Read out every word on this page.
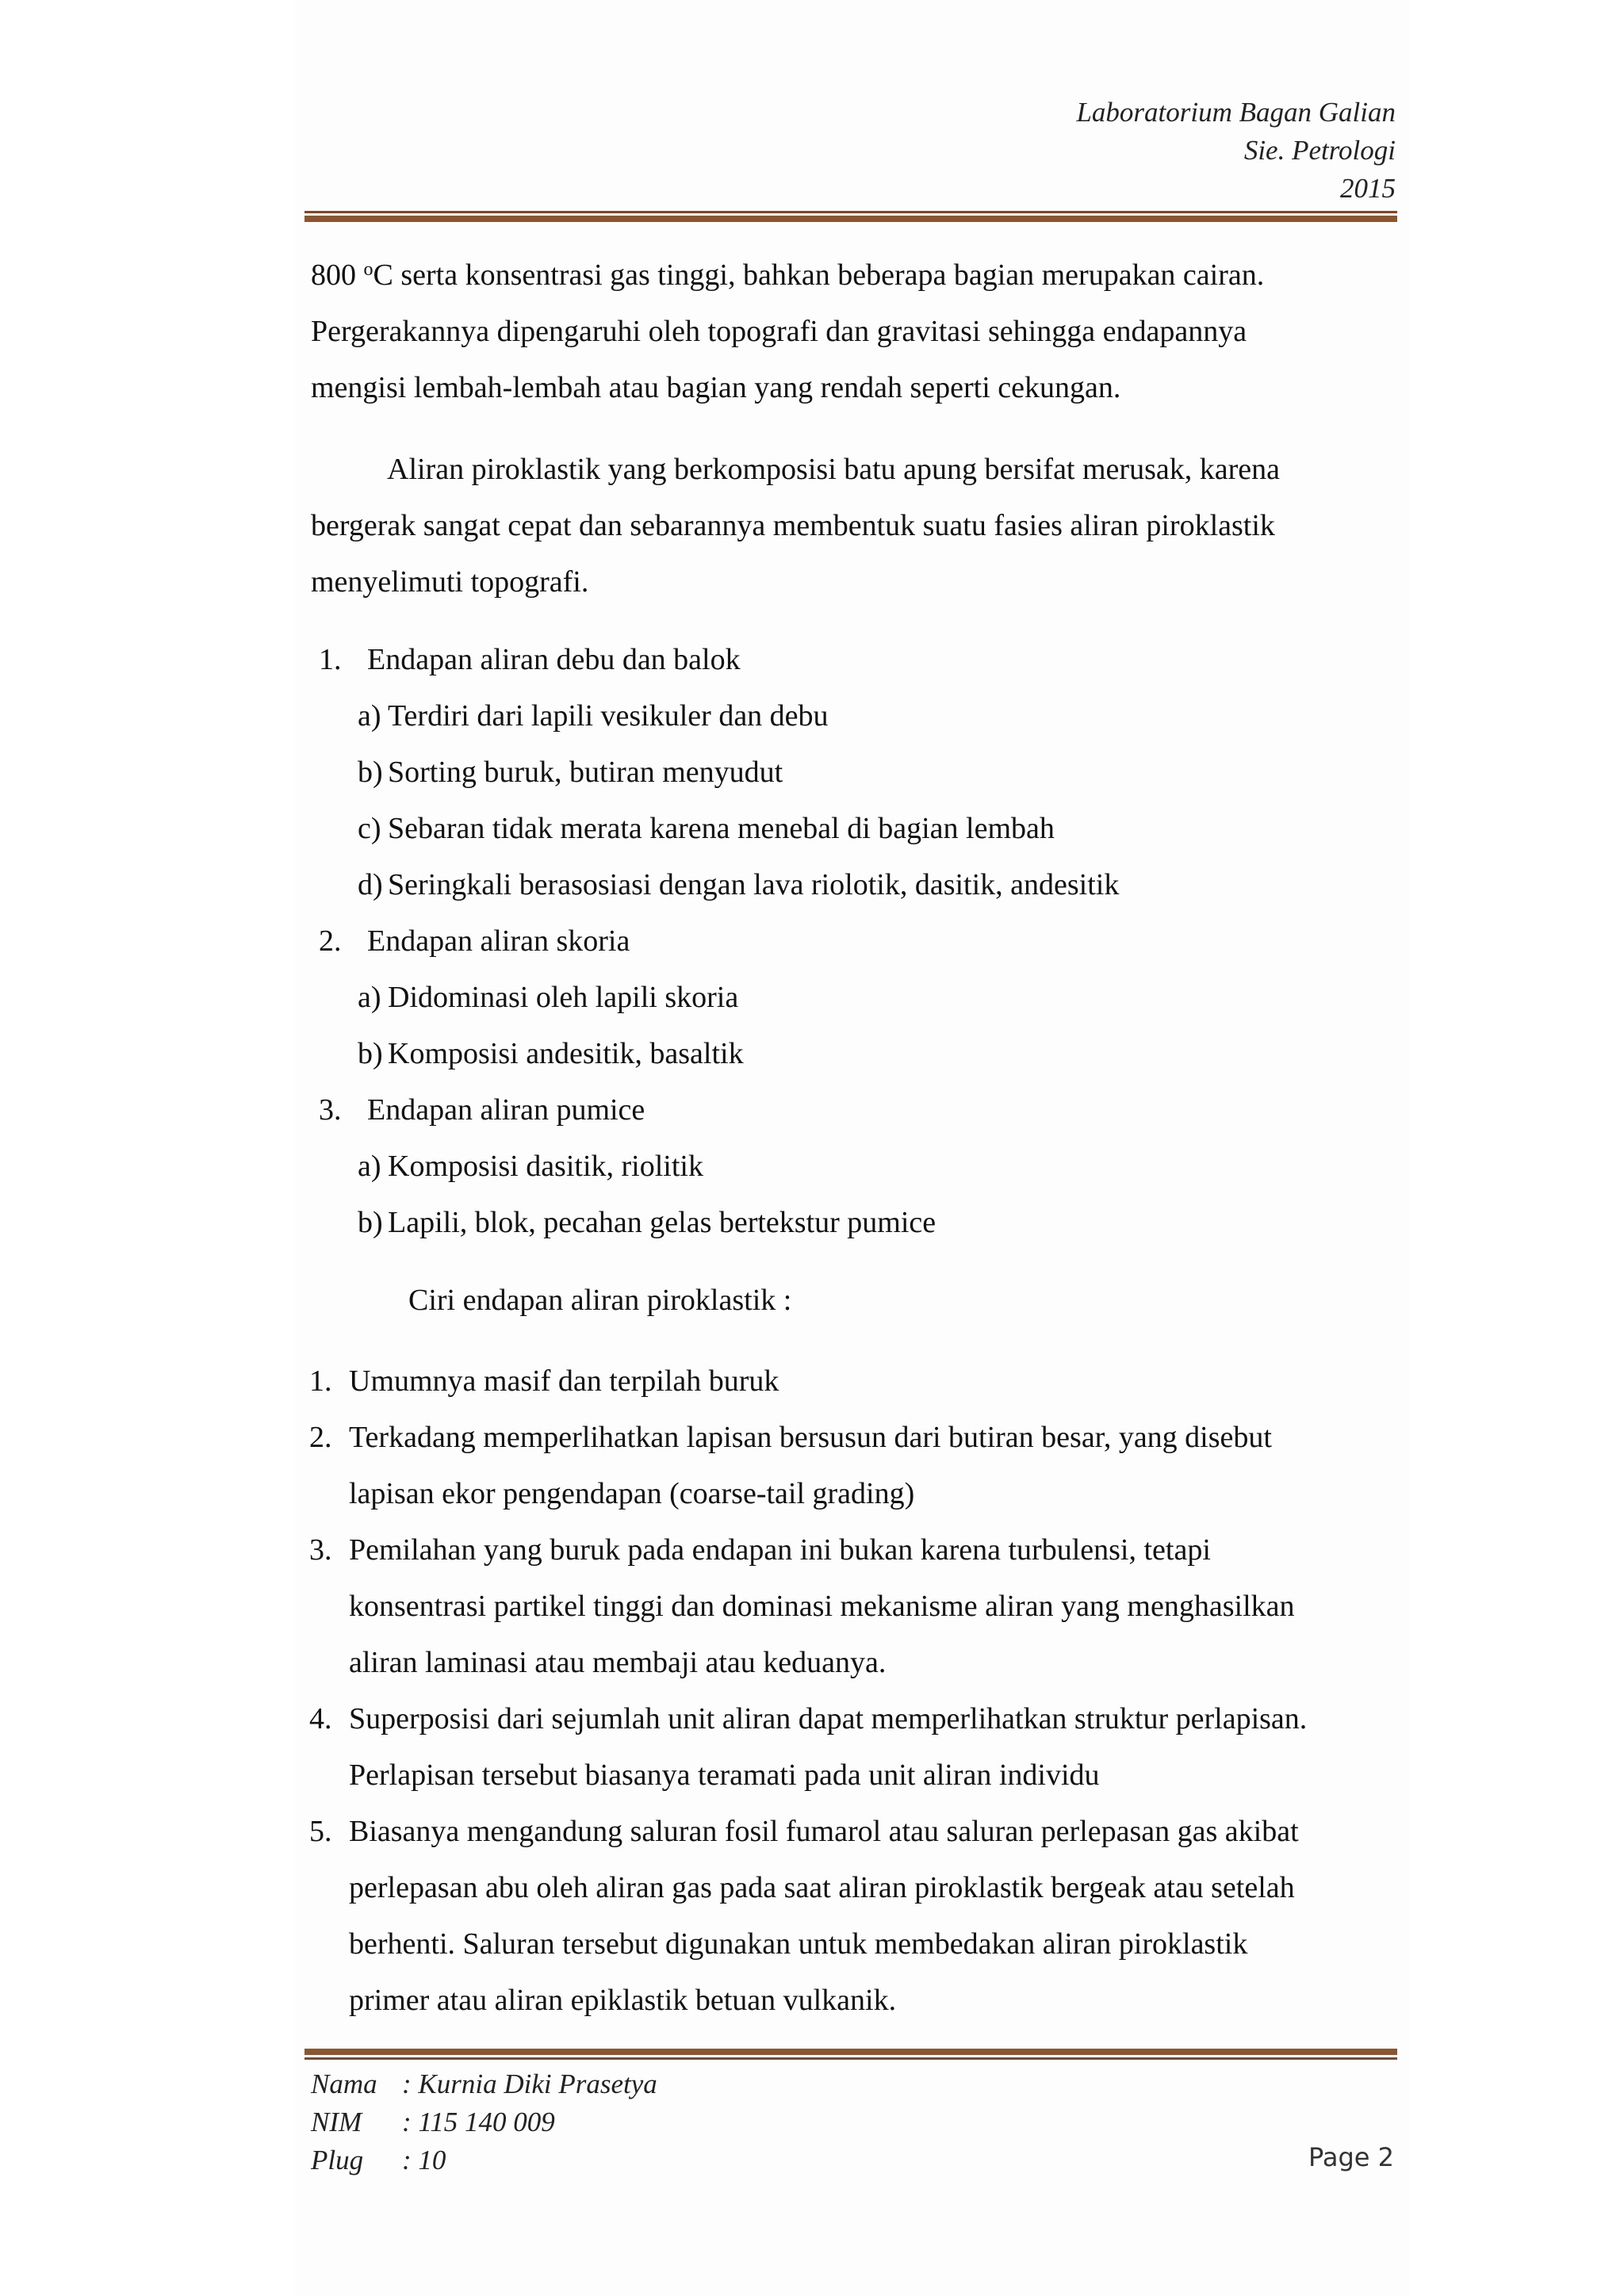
Laboratorium Bagan Galian
Sie. Petrologi
2015
800 $^o$C serta konsentrasi gas tinggi, bahkan beberapa bagian merupakan cairan.
Pergerakannya dipengaruhi oleh topografi dan gravitasi sehingga endapannya
mengisi lembah-lembah atau bagian yang rendah seperti cekungan.
Aliran piroklastik yang berkomposisi batu apung bersifat merusak, karena
bergerak sangat cepat dan sebarannya membentuk suatu fasies aliran piroklastik
menyelimuti topografi.
1. Endapan aliran debu dan balok
a) Terdiri dari lapili vesikuler dan debu
b) Sorting buruk, butiran menyudut
c) Sebaran tidak merata karena menebal di bagian lembah
d) Seringkali berasosiasi dengan lava riolotik, dasitik, andesitik
2. Endapan aliran skoria
a) Didominasi oleh lapili skoria
b) Komposisi andesitik, basaltik
3. Endapan aliran pumice
a) Komposisi dasitik, riolitik
b) Lapili, blok, pecahan gelas bertekstur pumice
Ciri endapan aliran piroklastik :
1. Umumnya masif dan terpilah buruk
2. Terkadang memperlihatkan lapisan bersusun dari butiran besar, yang disebut
lapisan ekor pengendapan (coarse-tail grading)
3. Pemilahan yang buruk pada endapan ini bukan karena turbulensi, tetapi
konsentrasi partikel tinggi dan dominasi mekanisme aliran yang menghasilkan
aliran laminasi atau membaji atau keduanya.
4. Superposisi dari sejumlah unit aliran dapat memperlihatkan struktur perlapisan.
Perlapisan tersebut biasanya teramati pada unit aliran individu
5. Biasanya mengandung saluran fosil fumarol atau saluran perlepasan gas akibat
perlepasan abu oleh aliran gas pada saat aliran piroklastik bergeak atau setelah
berhenti. Saluran tersebut digunakan untuk membedakan aliran piroklastik
primer atau aliran epiklastik betuan vulkanik.
Nama : Kurnia Diki Prasetya
NIM	: 115 140 009
Plug	: 10	Page 2
